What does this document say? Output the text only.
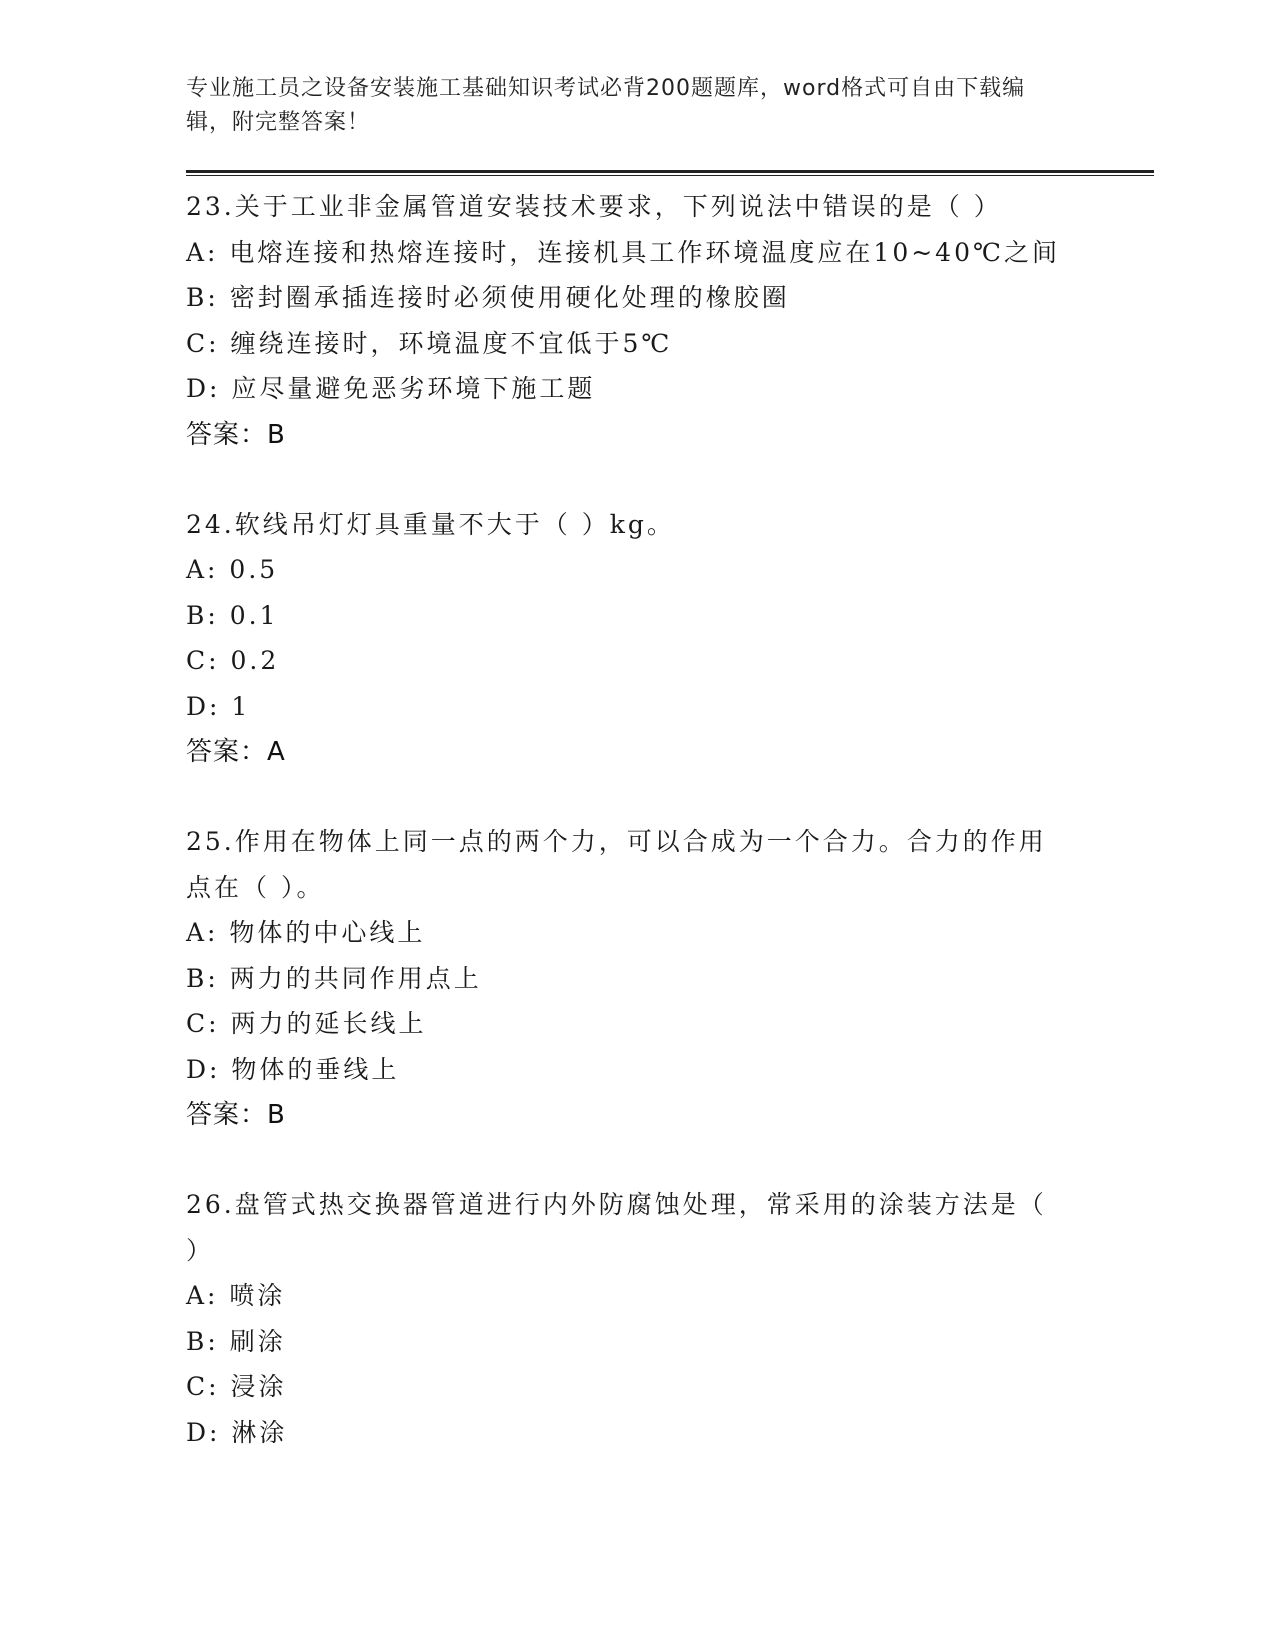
专业施工员之设备安装施工基础知识考试必背200题题库，word格式可自由下载编辑，附完整答案！
23.关于工业非金属管道安装技术要求，下列说法中错误的是（ ）
A: 电熔连接和热熔连接时，连接机具工作环境温度应在10~40℃之间
B: 密封圈承插连接时必须使用硬化处理的橡胶圈
C: 缠绕连接时，环境温度不宜低于5℃
D: 应尽量避免恶劣环境下施工题
答案：B
24.软线吊灯灯具重量不大于（ ）kg。
A: 0.5
B: 0.1
C: 0.2
D: 1
答案：A
25.作用在物体上同一点的两个力，可以合成为一个合力。合力的作用点在（ ）。
A: 物体的中心线上
B: 两力的共同作用点上
C: 两力的延长线上
D: 物体的垂线上
答案：B
26.盘管式热交换器管道进行内外防腐蚀处理，常采用的涂装方法是（ ）
A: 喷涂
B: 刷涂
C: 浸涂
D: 淋涂
